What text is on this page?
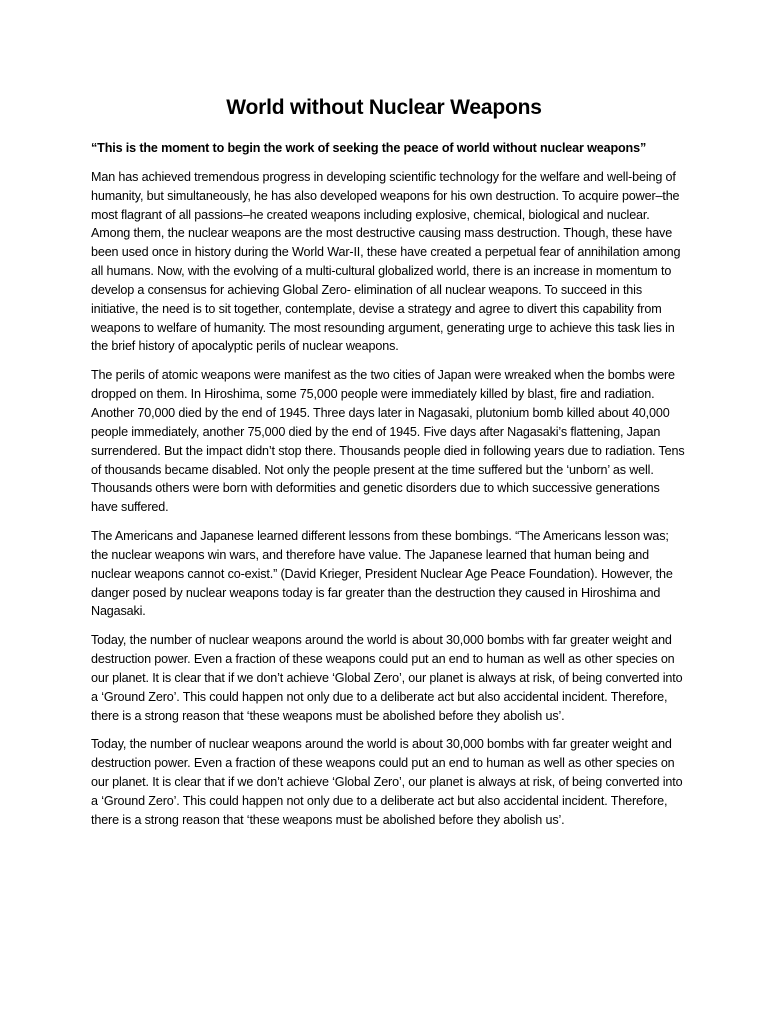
World without Nuclear Weapons

“This is the moment to begin the work of seeking the peace of world without nuclear weapons”

Man has achieved tremendous progress in developing scientific technology for the welfare and well-being of humanity, but simultaneously, he has also developed weapons for his own destruction. To acquire power–the most flagrant of all passions–he created weapons including explosive, chemical, biological and nuclear. Among them, the nuclear weapons are the most destructive causing mass destruction. Though, these have been used once in history during the World War-II, these have created a perpetual fear of annihilation among all humans. Now, with the evolving of a multi-cultural globalized world, there is an increase in momentum to develop a consensus for achieving Global Zero- elimination of all nuclear weapons. To succeed in this initiative, the need is to sit together, contemplate, devise a strategy and agree to divert this capability from weapons to welfare of humanity. The most resounding argument, generating urge to achieve this task lies in the brief history of apocalyptic perils of nuclear weapons.

The perils of atomic weapons were manifest as the two cities of Japan were wreaked when the bombs were dropped on them. In Hiroshima, some 75,000 people were immediately killed by blast, fire and radiation. Another 70,000 died by the end of 1945. Three days later in Nagasaki, plutonium bomb killed about 40,000 people immediately, another 75,000 died by the end of 1945. Five days after Nagasaki’s flattening, Japan surrendered. But the impact didn’t stop there. Thousands people died in following years due to radiation. Tens of thousands became disabled. Not only the people present at the time suffered but the ‘unborn’ as well. Thousands others were born with deformities and genetic disorders due to which successive generations have suffered.

The Americans and Japanese learned different lessons from these bombings. “The Americans lesson was; the nuclear weapons win wars, and therefore have value. The Japanese learned that human being and nuclear weapons cannot co-exist.” (David Krieger, President Nuclear Age Peace Foundation). However, the danger posed by nuclear weapons today is far greater than the destruction they caused in Hiroshima and Nagasaki.

Today, the number of nuclear weapons around the world is about 30,000 bombs with far greater weight and destruction power. Even a fraction of these weapons could put an end to human as well as other species on our planet. It is clear that if we don’t achieve ‘Global Zero’, our planet is always at risk, of being converted into a ‘Ground Zero’. This could happen not only due to a deliberate act but also accidental incident. Therefore, there is a strong reason that ‘these weapons must be abolished before they abolish us’.

Today, the number of nuclear weapons around the world is about 30,000 bombs with far greater weight and destruction power. Even a fraction of these weapons could put an end to human as well as other species on our planet. It is clear that if we don’t achieve ‘Global Zero’, our planet is always at risk, of being converted into a ‘Ground Zero’. This could happen not only due to a deliberate act but also accidental incident. Therefore, there is a strong reason that ‘these weapons must be abolished before they abolish us’.
